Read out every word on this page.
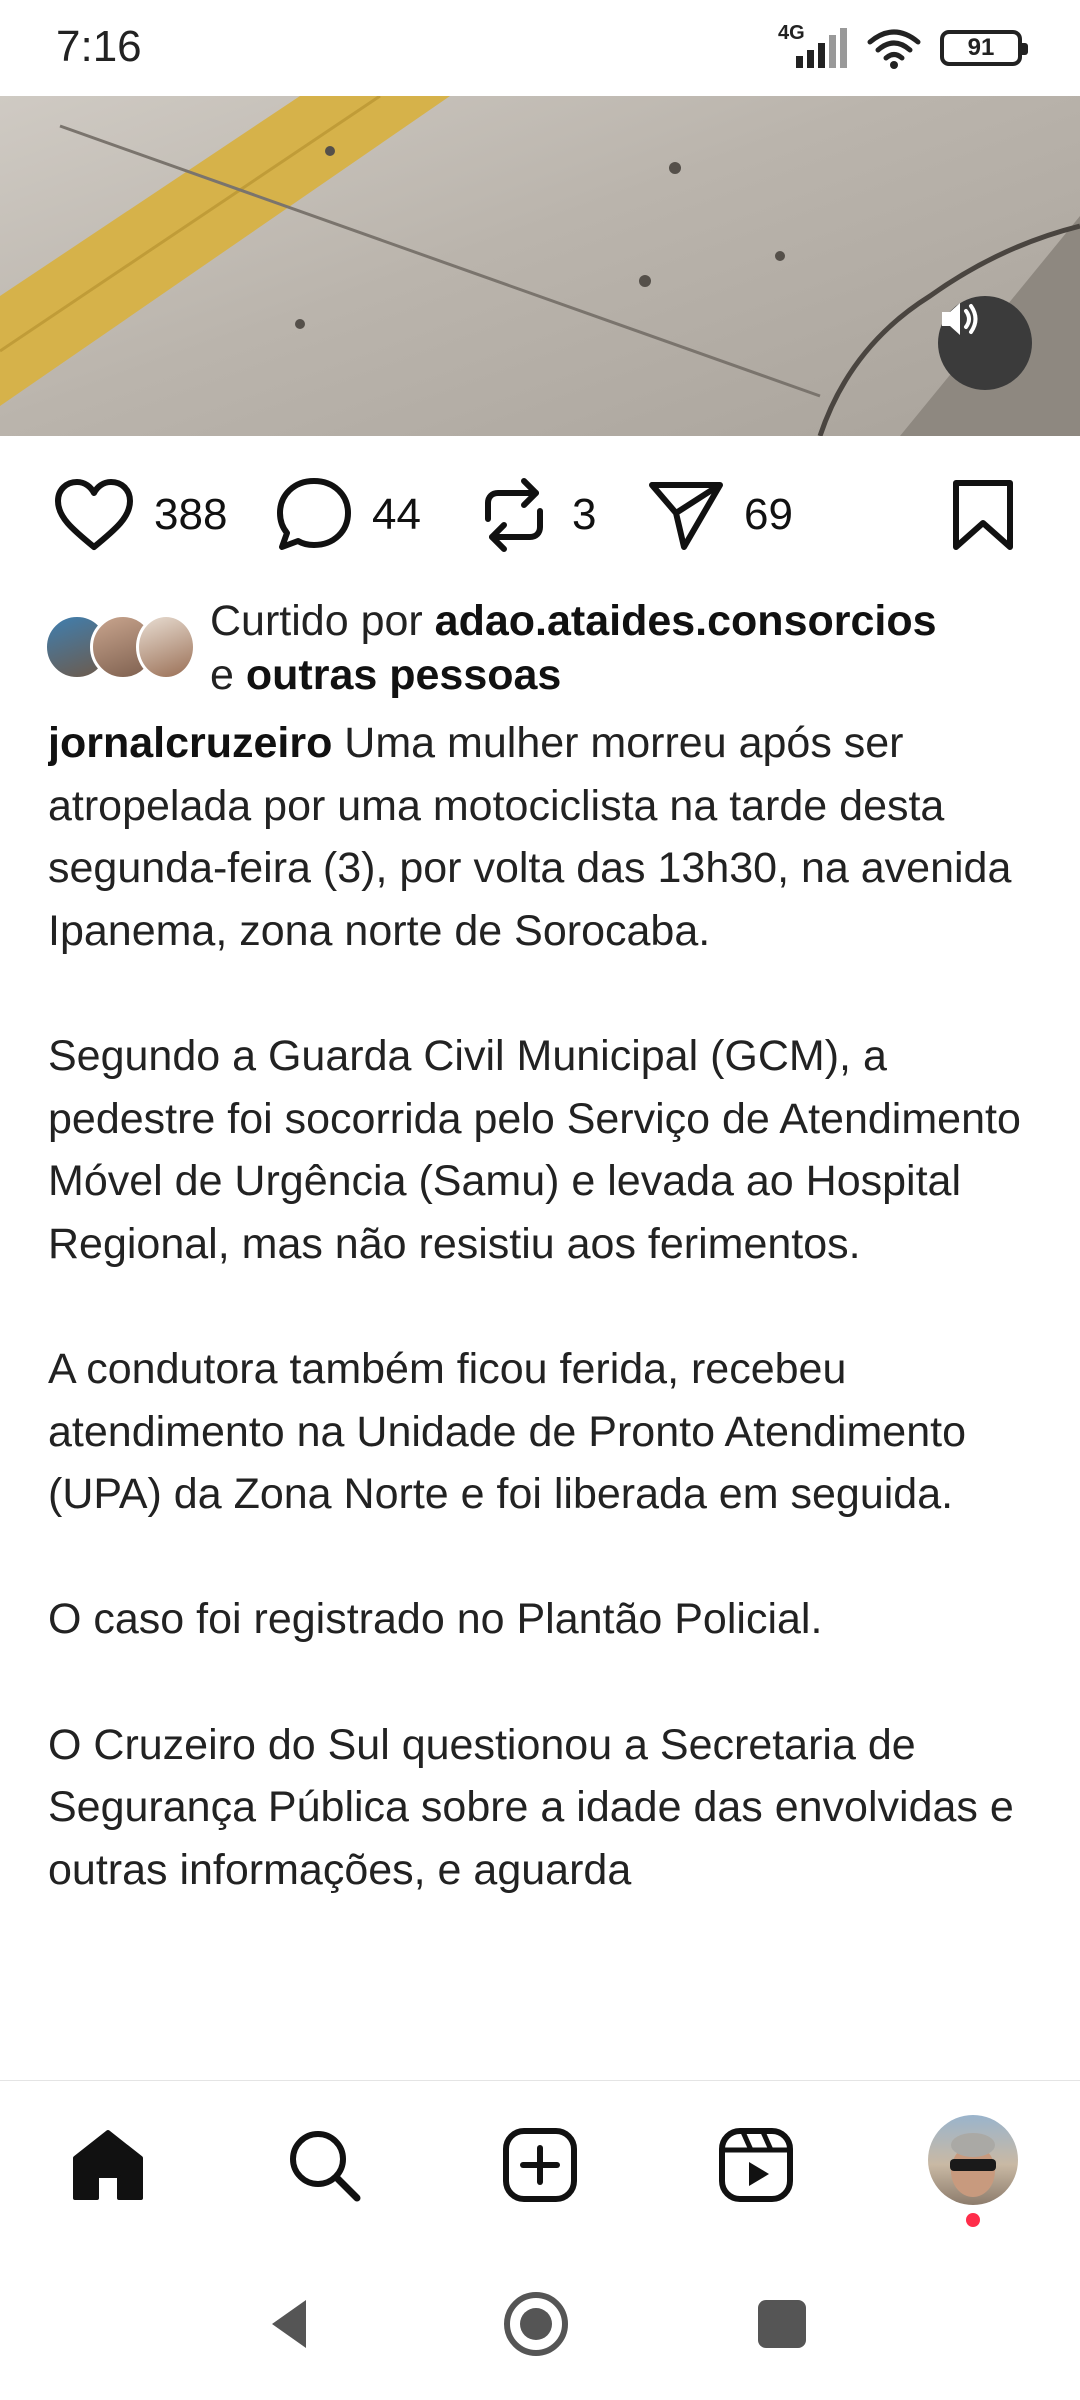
7:16	4G
91
388	44	3	69
Curtido por adao.ataides.consorcios
e outras pessoas
jornalcruzeiro Uma mulher morreu após ser atropelada por uma motociclista na tarde desta segunda-feira (3), por volta das 13h30, na avenida Ipanema, zona norte de Sorocaba.

Segundo a Guarda Civil Municipal (GCM), a pedestre foi socorrida pelo Serviço de Atendimento Móvel de Urgência (Samu) e levada ao Hospital Regional, mas não resistiu aos ferimentos.

A condutora também ficou ferida, recebeu atendimento na Unidade de Pronto Atendimento (UPA) da Zona Norte e foi liberada em seguida.

O caso foi registrado no Plantão Policial.

O Cruzeiro do Sul questionou a Secretaria de Segurança Pública sobre a idade das envolvidas e outras informações, e aguarda
